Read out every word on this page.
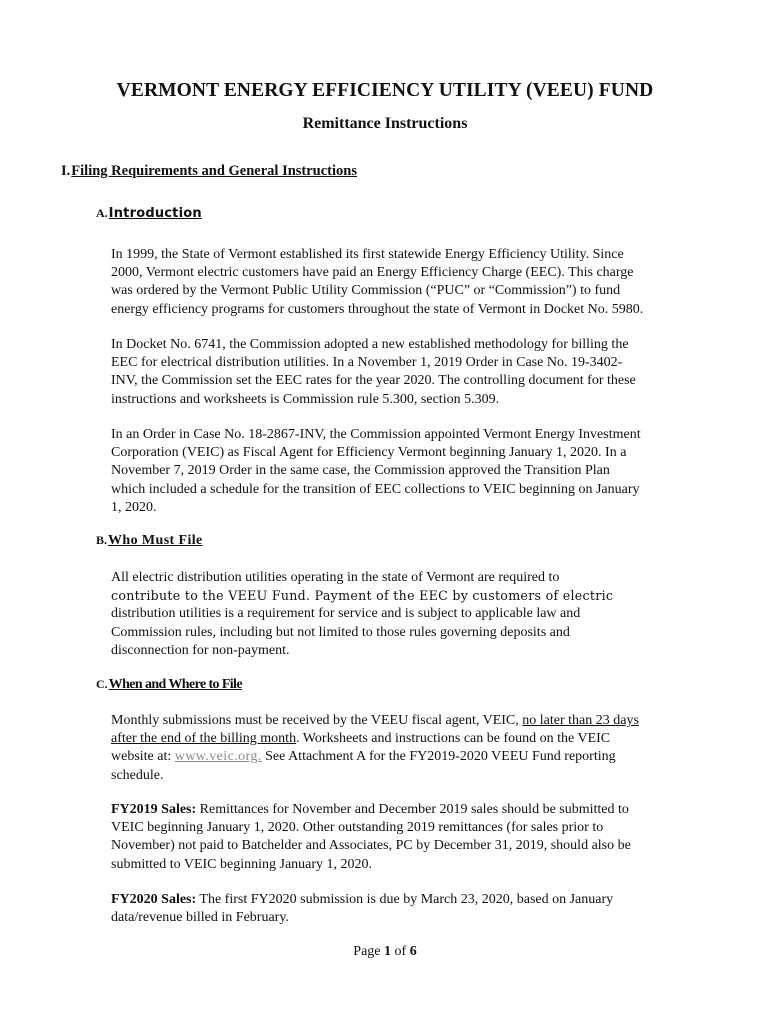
VERMONT ENERGY EFFICIENCY UTILITY (VEEU) FUND
Remittance Instructions
I.Filing Requirements and General Instructions
A.Introduction
In 1999, the State of Vermont established its first statewide Energy Efficiency Utility. Since
2000, Vermont electric customers have paid an Energy Efficiency Charge (EEC). This charge
was ordered by the Vermont Public Utility Commission (“PUC” or “Commission”) to fund
energy efficiency programs for customers throughout the state of Vermont in Docket No. 5980.
In Docket No. 6741, the Commission adopted a new established methodology for billing the
EEC for electrical distribution utilities. In a November 1, 2019 Order in Case No. 19-3402-
INV, the Commission set the EEC rates for the year 2020. The controlling document for these
instructions and worksheets is Commission rule 5.300, section 5.309.
In an Order in Case No. 18-2867-INV, the Commission appointed Vermont Energy Investment
Corporation (VEIC) as Fiscal Agent for Efficiency Vermont beginning January 1, 2020. In a
November 7, 2019 Order in the same case, the Commission approved the Transition Plan
which included a schedule for the transition of EEC collections to VEIC beginning on January
1, 2020.
B.Who Must File
All electric distribution utilities operating in the state of Vermont are required to
contribute to the VEEU Fund. Payment of the EEC by customers of electric
distribution utilities is a requirement for service and is subject to applicable law and
Commission rules, including but not limited to those rules governing deposits and
disconnection for non-payment.
C.When and Where to File
Monthly submissions must be received by the VEEU fiscal agent, VEIC, no later than 23 days
after the end of the billing month. Worksheets and instructions can be found on the VEIC
website at: www.veic.org. See Attachment A for the FY2019-2020 VEEU Fund reporting
schedule.
FY2019 Sales: Remittances for November and December 2019 sales should be submitted to
VEIC beginning January 1, 2020. Other outstanding 2019 remittances (for sales prior to
November) not paid to Batchelder and Associates, PC by December 31, 2019, should also be
submitted to VEIC beginning January 1, 2020.
FY2020 Sales: The first FY2020 submission is due by March 23, 2020, based on January
data/revenue billed in February.
Page 1 of 6
